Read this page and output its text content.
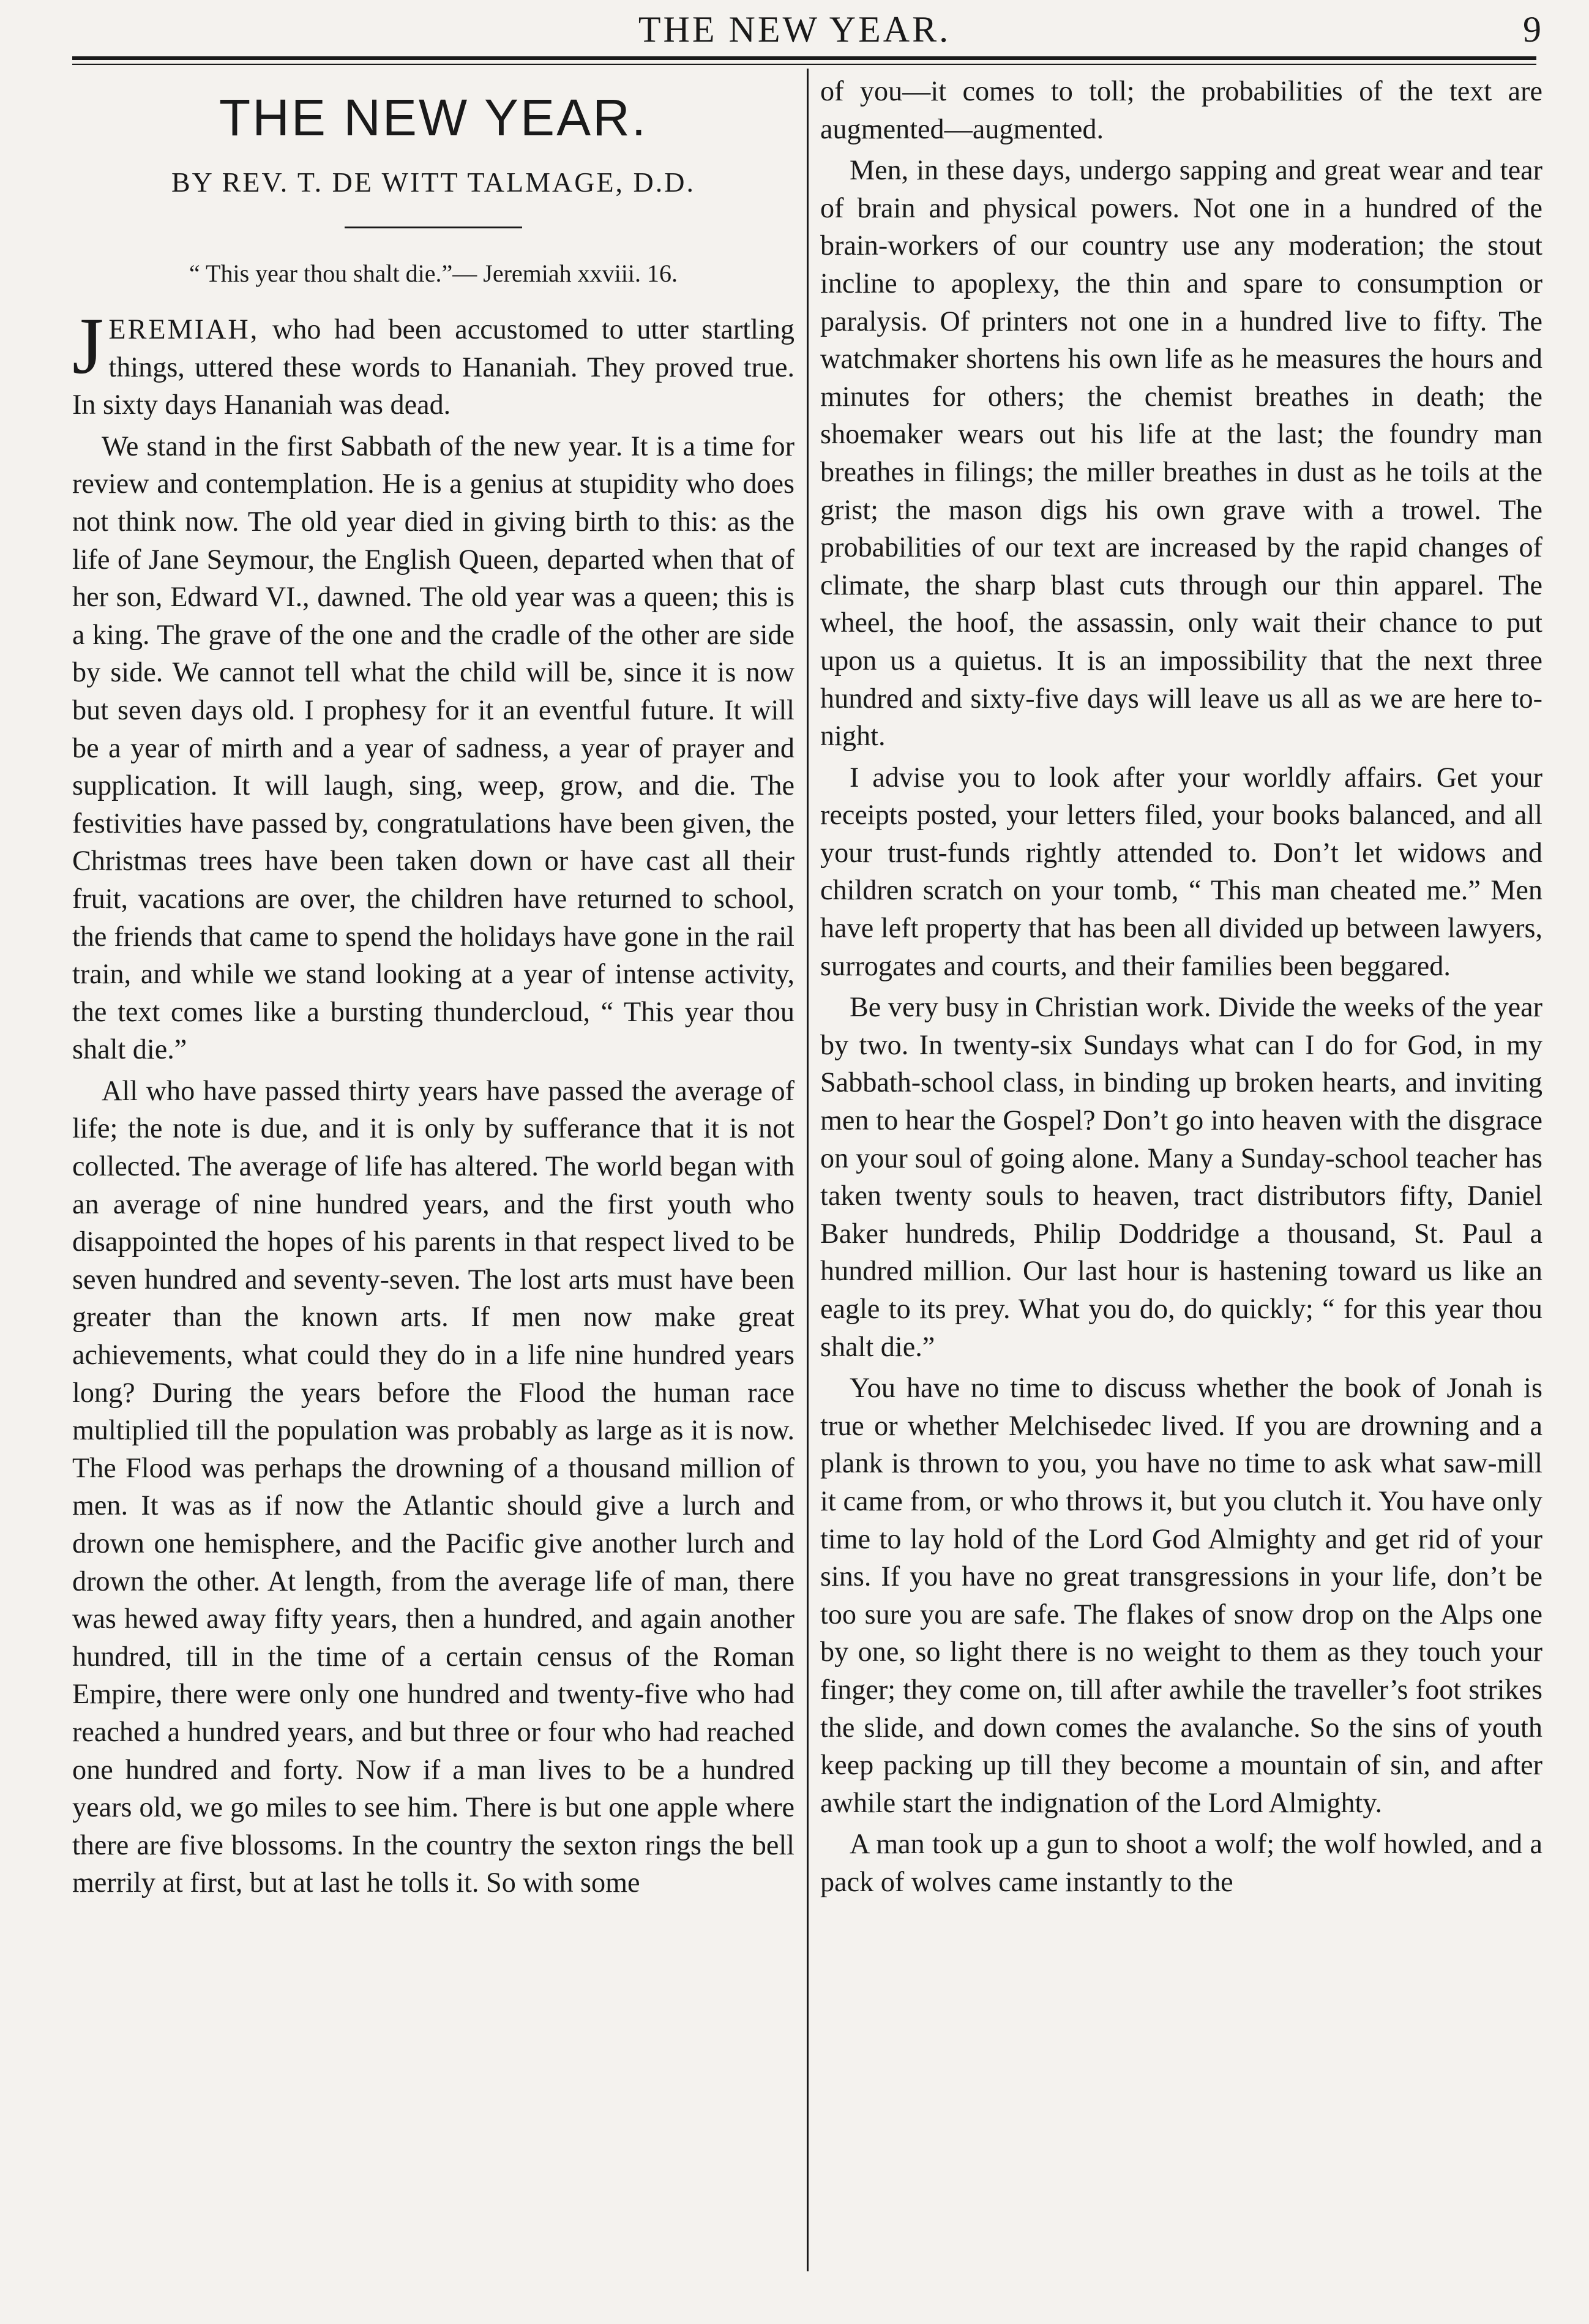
THE NEW YEAR.	9
THE NEW YEAR.
BY REV. T. DE WITT TALMAGE, D.D.
“ This year thou shalt die.”— Jeremiah xxviii. 16.

JEREMIAH, who had been accustomed to utter startling things, uttered these words to Hananiah. They proved true. In sixty days Hananiah was dead.

We stand in the first Sabbath of the new year. It is a time for review and contemplation. He is a genius at stupidity who does not think now. The old year died in giving birth to this: as the life of Jane Seymour, the English Queen, departed when that of her son, Edward VI., dawned. The old year was a queen; this is a king. The grave of the one and the cradle of the other are side by side. We cannot tell what the child will be, since it is now but seven days old. I prophesy for it an eventful future. It will be a year of mirth and a year of sadness, a year of prayer and supplication. It will laugh, sing, weep, grow, and die. The festivities have passed by, congratulations have been given, the Christmas trees have been taken down or have cast all their fruit, vacations are over, the children have returned to school, the friends that came to spend the holidays have gone in the rail train, and while we stand looking at a year of intense activity, the text comes like a bursting thundercloud, “ This year thou shalt die.”

All who have passed thirty years have passed the average of life; the note is due, and it is only by sufferance that it is not collected. The average of life has altered. The world began with an average of nine hundred years, and the first youth who disappointed the hopes of his parents in that respect lived to be seven hundred and seventy-seven. The lost arts must have been greater than the known arts. If men now make great achievements, what could they do in a life nine hundred years long? During the years before the Flood the human race multiplied till the population was probably as large as it is now. The Flood was perhaps the drowning of a thousand million of men. It was as if now the Atlantic should give a lurch and drown one hemisphere, and the Pacific give another lurch and drown the other. At length, from the average life of man, there was hewed away fifty years, then a hundred, and again another hundred, till in the time of a certain census of the Roman Empire, there were only one hundred and twenty-five who had reached a hundred years, and but three or four who had reached one hundred and forty. Now if a man lives to be a hundred years old, we go miles to see him. There is but one apple where there are five blossoms. In the country the sexton rings the bell merrily at first, but at last he tolls it. So with some

of you—it comes to toll; the probabilities of the text are augmented—augmented.

Men, in these days, undergo sapping and great wear and tear of brain and physical powers. Not one in a hundred of the brain-workers of our country use any moderation; the stout incline to apoplexy, the thin and spare to consumption or paralysis. Of printers not one in a hundred live to fifty. The watchmaker shortens his own life as he measures the hours and minutes for others; the chemist breathes in death; the shoemaker wears out his life at the last; the foundry man breathes in filings; the miller breathes in dust as he toils at the grist; the mason digs his own grave with a trowel. The probabilities of our text are increased by the rapid changes of climate, the sharp blast cuts through our thin apparel. The wheel, the hoof, the assassin, only wait their chance to put upon us a quietus. It is an impossibility that the next three hundred and sixty-five days will leave us all as we are here to-night.

I advise you to look after your worldly affairs. Get your receipts posted, your letters filed, your books balanced, and all your trust-funds rightly attended to. Don’t let widows and children scratch on your tomb, “ This man cheated me.” Men have left property that has been all divided up between lawyers, surrogates and courts, and their families been beggared.

Be very busy in Christian work. Divide the weeks of the year by two. In twenty-six Sundays what can I do for God, in my Sabbath-school class, in binding up broken hearts, and inviting men to hear the Gospel? Don’t go into heaven with the disgrace on your soul of going alone. Many a Sunday-school teacher has taken twenty souls to heaven, tract distributors fifty, Daniel Baker hundreds, Philip Doddridge a thousand, St. Paul a hundred million. Our last hour is hastening toward us like an eagle to its prey. What you do, do quickly; “ for this year thou shalt die.”

You have no time to discuss whether the book of Jonah is true or whether Melchisedec lived. If you are drowning and a plank is thrown to you, you have no time to ask what saw-mill it came from, or who throws it, but you clutch it. You have only time to lay hold of the Lord God Almighty and get rid of your sins. If you have no great transgressions in your life, don’t be too sure you are safe. The flakes of snow drop on the Alps one by one, so light there is no weight to them as they touch your finger; they come on, till after awhile the traveller’s foot strikes the slide, and down comes the avalanche. So the sins of youth keep packing up till they become a mountain of sin, and after awhile start the indignation of the Lord Almighty.

A man took up a gun to shoot a wolf; the wolf howled, and a pack of wolves came instantly to the
